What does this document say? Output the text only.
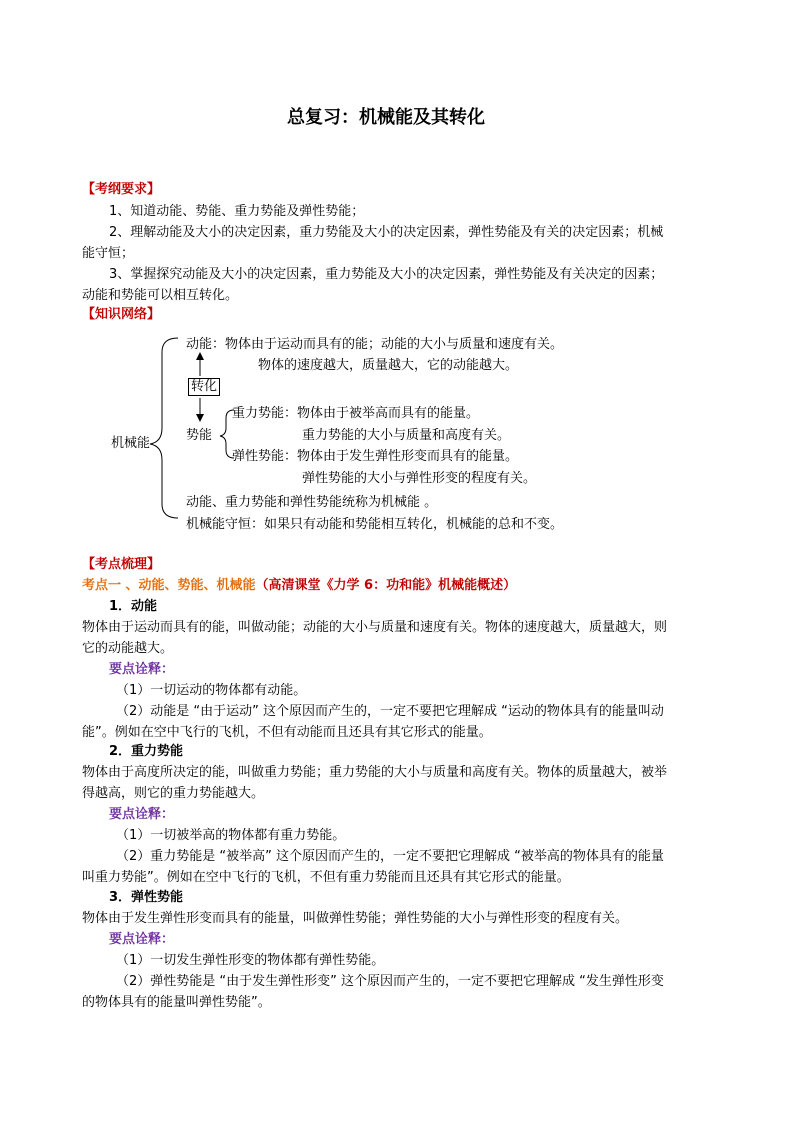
总复习：机械能及其转化
【考纲要求】
1、知道动能、势能、重力势能及弹性势能；
2、理解动能及大小的决定因素，重力势能及大小的决定因素，弹性势能及有关的决定因素；机械
能守恒；
3、掌握探究动能及大小的决定因素，重力势能及大小的决定因素，弹性势能及有关决定的因素；
动能和势能可以相互转化。
【知识网络】
机械能
动能：物体由于运动而具有的能；动能的大小与质量和速度有关。
物体的速度越大，质量越大，它的动能越大。
转化
势能
重力势能：物体由于被举高而具有的能量。
重力势能的大小与质量和高度有关。
弹性势能：物体由于发生弹性形变而具有的能量。
弹性势能的大小与弹性形变的程度有关。
动能、重力势能和弹性势能统称为机械能 。
机械能守恒：如果只有动能和势能相互转化，机械能的总和不变。
【考点梳理】
考点一 、动能、势能、机械能（高清课堂《力学 6：功和能》机械能概述）
1．动能
物体由于运动而具有的能，叫做动能；动能的大小与质量和速度有关。物体的速度越大，质量越大，则
它的动能越大。
要点诠释：
（1）一切运动的物体都有动能。
（2）动能是 “由于运动” 这个原因而产生的，一定不要把它理解成 “运动的物体具有的能量叫动
能”。例如在空中飞行的飞机，不但有动能而且还具有其它形式的能量。
2．重力势能
物体由于高度所决定的能，叫做重力势能；重力势能的大小与质量和高度有关。物体的质量越大，被举
得越高，则它的重力势能越大。
要点诠释：
（1）一切被举高的物体都有重力势能。
（2）重力势能是 “被举高” 这个原因而产生的，一定不要把它理解成 “被举高的物体具有的能量
叫重力势能”。例如在空中飞行的飞机，不但有重力势能而且还具有其它形式的能量。
3．弹性势能
物体由于发生弹性形变而具有的能量，叫做弹性势能；弹性势能的大小与弹性形变的程度有关。
要点诠释：
（1）一切发生弹性形变的物体都有弹性势能。
（2）弹性势能是 “由于发生弹性形变” 这个原因而产生的，一定不要把它理解成 “发生弹性形变
的物体具有的能量叫弹性势能”。
